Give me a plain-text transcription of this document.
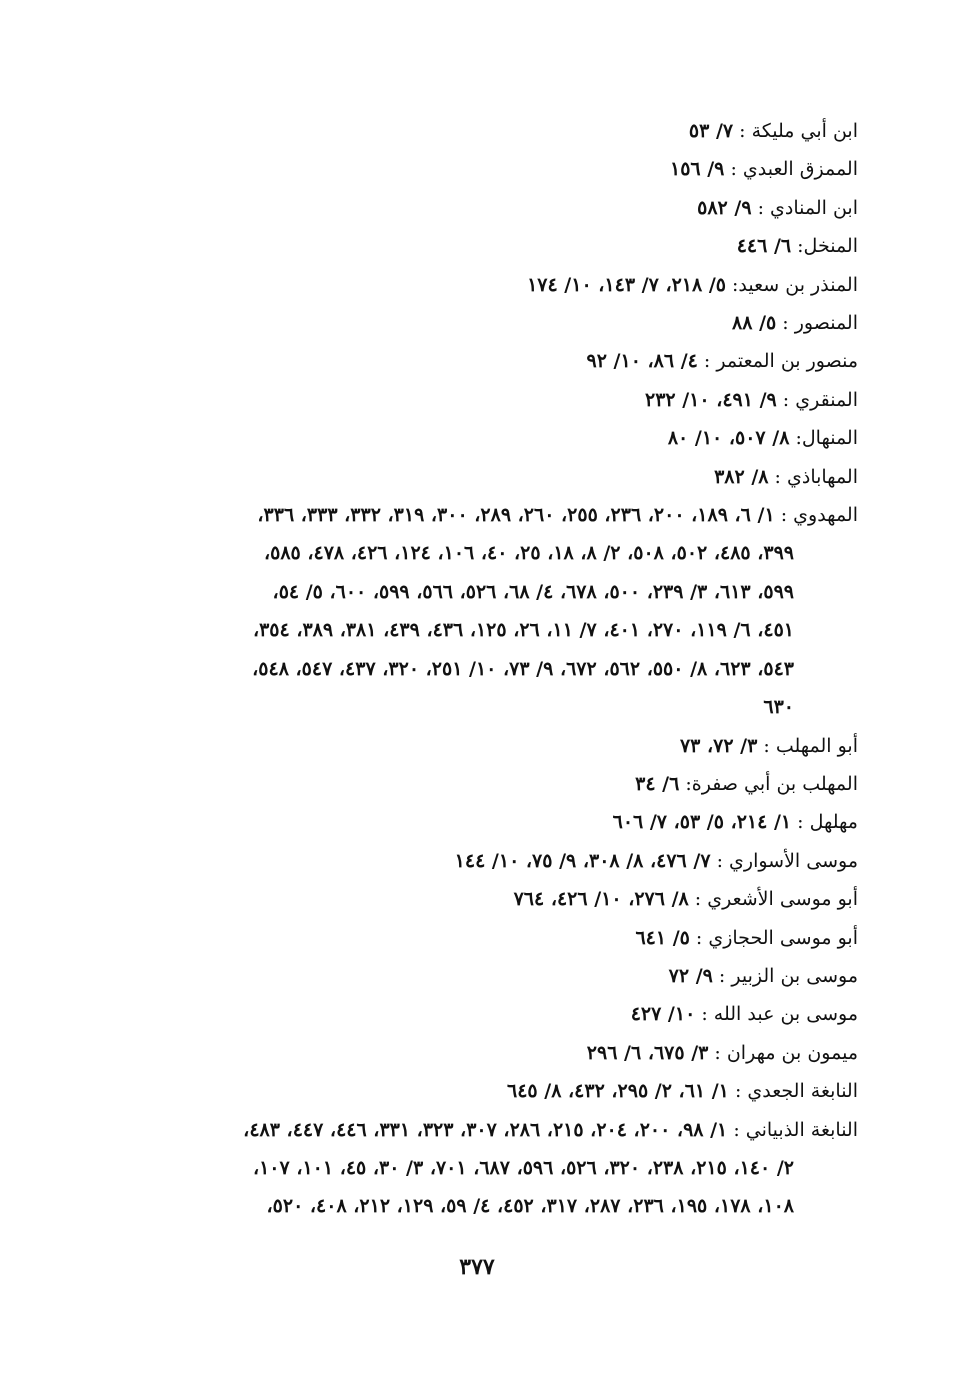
ابن أبي مليكة : ٧/ ٥٣
الممزق العبدي : ٩/ ١٥٦
ابن المنادي : ٩/ ٥٨٢
المنخل: ٦/ ٤٤٦
المنذر بن سعيد: ٥/ ٢١٨، ٧/ ١٤٣، ١٠/ ١٧٤
المنصور : ٥/ ٨٨
منصور بن المعتمر : ٤/ ٨٦، ١٠/ ٩٢
المنقري : ٩/ ٤٩١، ١٠/ ٢٣٢
المنهال: ٨/ ٥٠٧، ١٠/ ٨٠
المهاباذي : ٨/ ٣٨٢
المهدوي : ١/ ٦، ١٨٩، ٢٠٠، ٢٣٦، ٢٥٥، ٢٦٠، ٢٨٩، ٣٠٠، ٣١٩، ٣٣٢، ٣٣٣، ٣٣٦،
٣٩٩، ٤٨٥، ٥٠٢، ٥٠٨، ٢/ ٨، ١٨، ٢٥، ٤٠، ١٠٦، ١٢٤، ٤٢٦، ٤٧٨، ٥٨٥،
٥٩٩، ٦١٣، ٣/ ٢٣٩، ٥٠٠، ٦٧٨، ٤/ ٦٨، ٥٢٦، ٥٦٦، ٥٩٩، ٦٠٠، ٥/ ٥٤،
٤٥١، ٦/ ١١٩، ٢٧٠، ٤٠١، ٧/ ١١، ٢٦، ١٢٥، ٤٣٦، ٤٣٩، ٣٨١، ٣٨٩، ٣٥٤،
٥٤٣، ٦٢٣، ٨/ ٥٥٠، ٥٦٢، ٦٧٢، ٩/ ٧٣، ١٠/ ٢٥١، ٣٢٠، ٤٣٧، ٥٤٧، ٥٤٨،
٦٣٠
أبو المهلب : ٣/ ٧٢، ٧٣
المهلب بن أبي صفرة: ٦/ ٣٤
مهلهل : ١/ ٢١٤، ٥/ ٥٣، ٧/ ٦٠٦
موسى الأسواري : ٧/ ٤٧٦، ٨/ ٣٠٨، ٩/ ٧٥، ١٠/ ١٤٤
أبو موسى الأشعري : ٨/ ٢٧٦، ١٠/ ٤٢٦، ٧٦٤
أبو موسى الحجازي : ٥/ ٦٤١
موسى بن الزبير : ٩/ ٧٢
موسى بن عبد الله : ١٠/ ٤٢٧
ميمون بن مهران : ٣/ ٦٧٥، ٦/ ٢٩٦
النابغة الجعدي : ١/ ٦١، ٢/ ٢٩٥، ٤٣٢، ٨/ ٦٤٥
النابغة الذبياني : ١/ ٩٨، ٢٠٠، ٢٠٤، ٢١٥، ٢٨٦، ٣٠٧، ٣٢٣، ٣٣١، ٤٤٦، ٤٤٧، ٤٨٣،
٢/ ١٤٠، ٢١٥، ٢٣٨، ٣٢٠، ٥٢٦، ٥٩٦، ٦٨٧، ٧٠١، ٣/ ٣٠، ٤٥، ١٠١، ١٠٧،
١٠٨، ١٧٨، ١٩٥، ٢٣٦، ٢٨٧، ٣١٧، ٤٥٢، ٤/ ٥٩، ١٢٩، ٢١٢، ٤٠٨، ٥٢٠،
٣٧٧
